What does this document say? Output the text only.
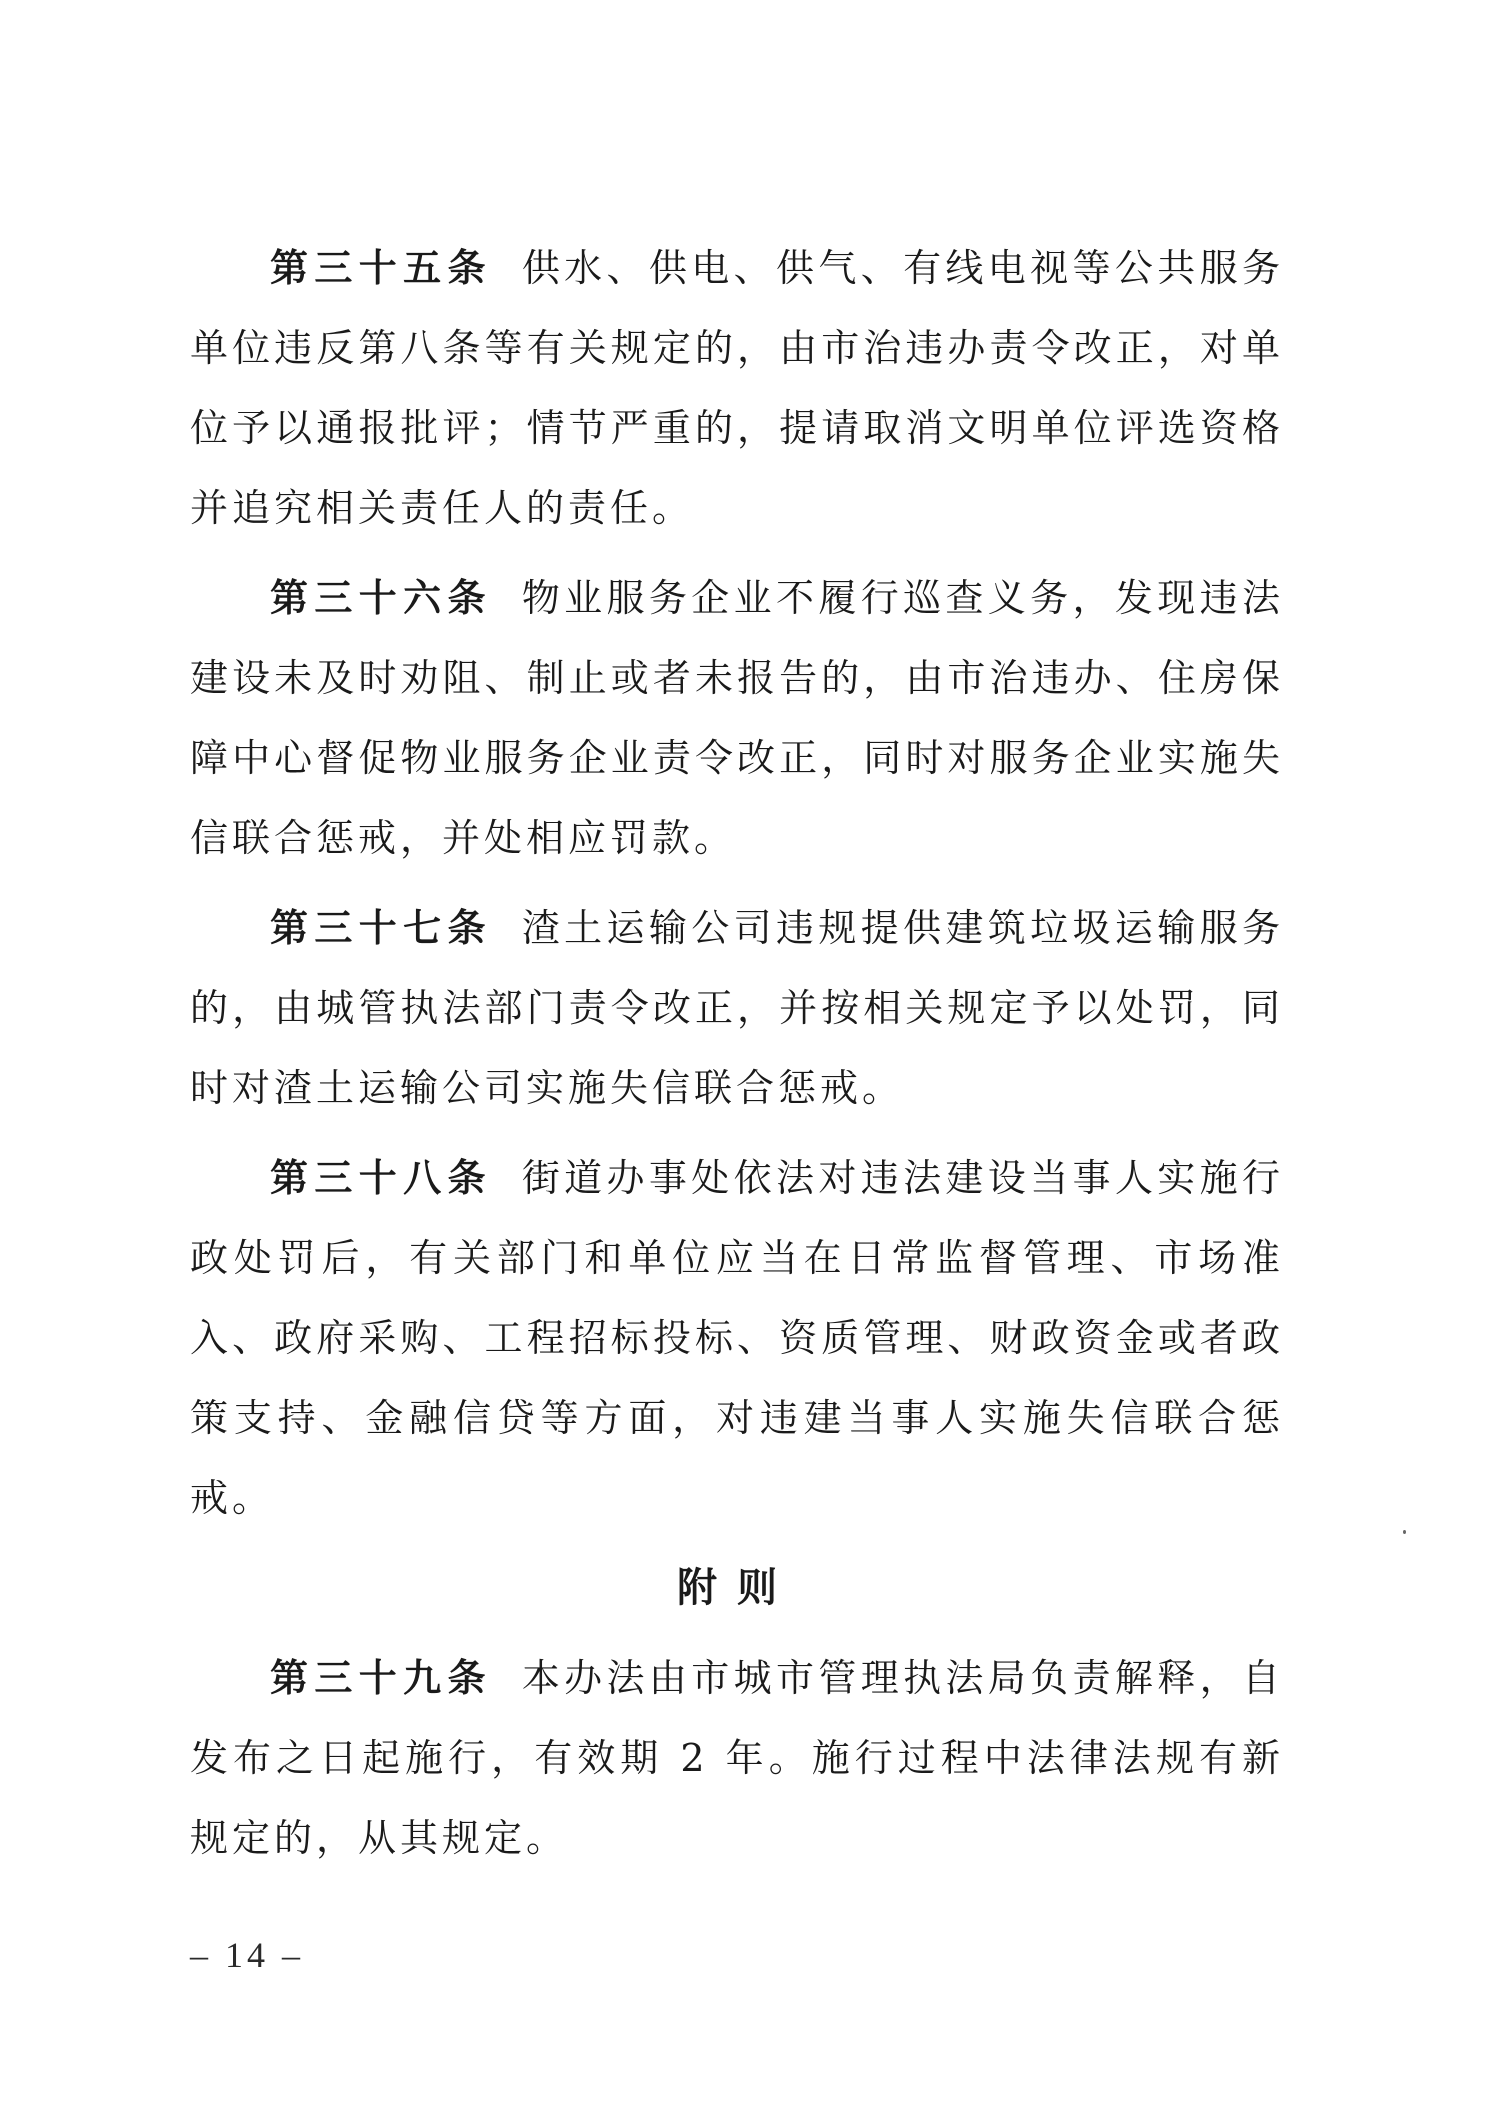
第三十五条 供水、供电、供气、有线电视等公共服务单位违反第八条等有关规定的，由市治违办责令改正，对单位予以通报批评；情节严重的，提请取消文明单位评选资格并追究相关责任人的责任。

第三十六条 物业服务企业不履行巡查义务，发现违法建设未及时劝阻、制止或者未报告的，由市治违办、住房保障中心督促物业服务企业责令改正，同时对服务企业实施失信联合惩戒，并处相应罚款。

第三十七条 渣土运输公司违规提供建筑垃圾运输服务的，由城管执法部门责令改正，并按相关规定予以处罚，同时对渣土运输公司实施失信联合惩戒。

第三十八条 街道办事处依法对违法建设当事人实施行政处罚后，有关部门和单位应当在日常监督管理、市场准入、政府采购、工程招标投标、资质管理、财政资金或者政策支持、金融信贷等方面，对违建当事人实施失信联合惩戒。

附则

第三十九条 本办法由市城市管理执法局负责解释，自发布之日起施行，有效期 2 年。施行过程中法律法规有新规定的，从其规定。

– 14 –
